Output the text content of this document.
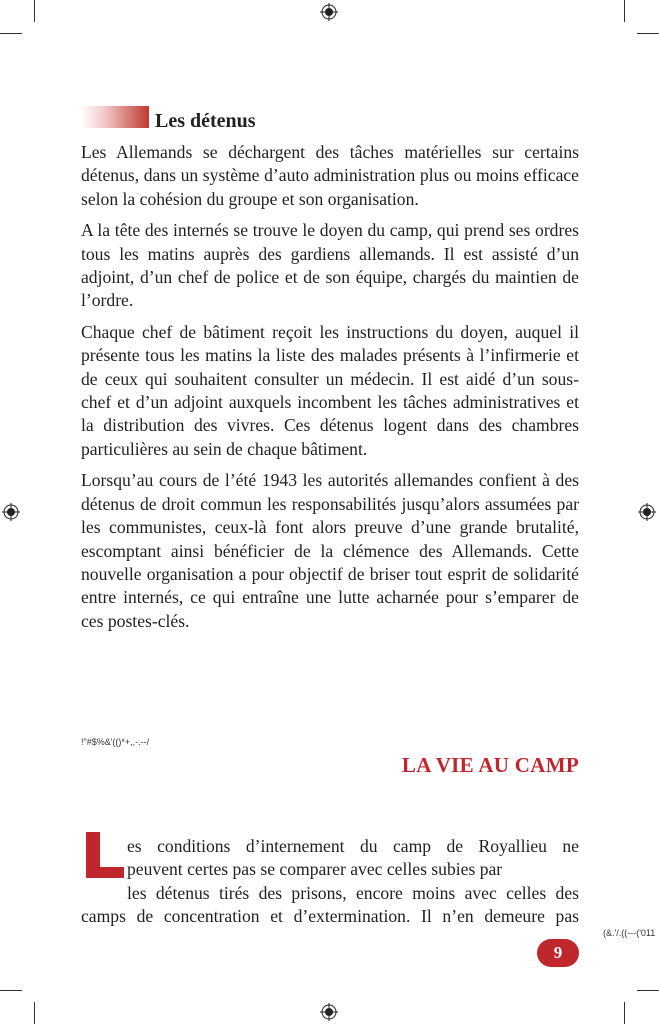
Les détenus

Les Allemands se déchargent des tâches matérielles sur certains détenus, dans un système d’auto administration plus ou moins efficace selon la cohésion du groupe et son organisation.

A la tête des internés se trouve le doyen du camp, qui prend ses ordres tous les matins auprès des gardiens allemands. Il est assisté d’un adjoint, d’un chef de police et de son équipe, chargés du maintien de l’ordre.

Chaque chef de bâtiment reçoit les instructions du doyen, auquel il présente tous les matins la liste des malades présents à l’infirmerie et de ceux qui souhaitent consulter un médecin. Il est aidé d’un sous-chef et d’un adjoint auxquels incombent les tâches administratives et la distribution des vivres. Ces détenus logent dans des chambres particulières au sein de chaque bâtiment.

Lorsqu’au cours de l’été 1943 les autorités allemandes confient à des détenus de droit commun les responsabilités jusqu’alors assumées par les communistes, ceux-là font alors preuve d’une grande brutalité, escomptant ainsi bénéficier de la clémence des Allemands. Cette nouvelle organisation a pour objectif de briser tout esprit de solidarité entre internés, ce qui entraîne une lutte acharnée pour s’emparer de ces postes-clés.

!"#$%&'(()*+,,-.--/
LA VIE AU CAMP
es conditions d’internement du camp de Royallieu ne
peuvent certes pas se comparer avec celles subies par
les détenus tirés des prisons, encore moins avec celles des
camps de concentration et d’extermination. Il n’en demeure pas
(&.'/.((---('011
9
